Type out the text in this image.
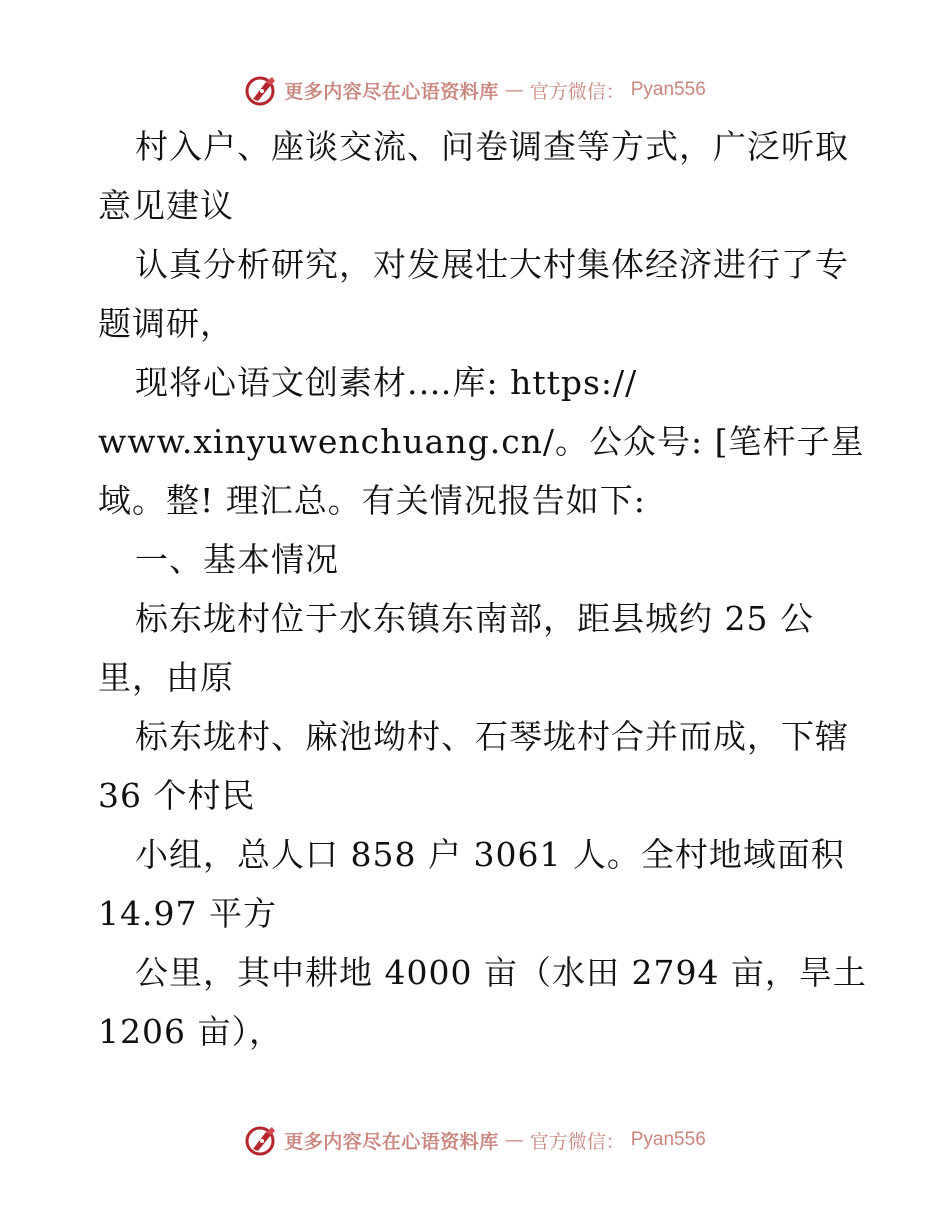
更多内容尽在心语资料库 — 官方微信： Pyan556
村入户、座谈交流、问卷调查等方式，广泛听取
意见建议
认真分析研究，对发展壮大村集体经济进行了专
题调研，
现将心语文创素材.…库: https://
www.xinyuwenchuang.cn/。公众号: [笔杆子星
域。整! 理汇总。有关情况报告如下:
一、基本情况
标东垅村位于水东镇东南部，距县城约 25 公
里，由原
标东垅村、麻池坳村、石琴垅村合并而成，下辖
36 个村民
小组，总人口 858 户 3061 人。全村地域面积
14.97 平方
公里，其中耕地 4000 亩（水田 2794 亩，旱土
1206 亩），
更多内容尽在心语资料库 — 官方微信： Pyan556
